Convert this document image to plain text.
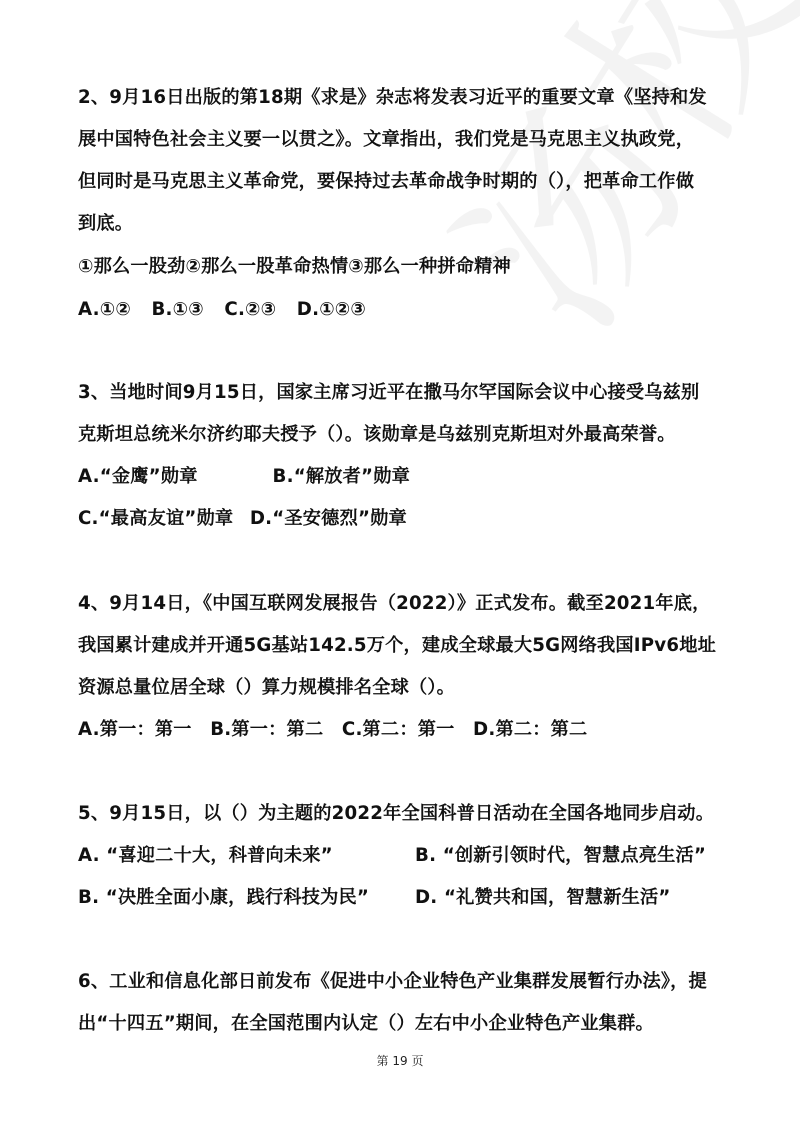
2、9月16日出版的第18期《求是》杂志将发表习近平的重要文章《坚持和发
展中国特色社会主义要一以贯之》。文章指出，我们党是马克思主义执政党，
但同时是马克思主义革命党，要保持过去革命战争时期的（），把革命工作做
到底。
①那么一股劲②那么一股革命热情③那么一种拼命精神
A.①② B.①③ C.②③ D.①②③
3、当地时间9月15日，国家主席习近平在撒马尔罕国际会议中心接受乌兹别
克斯坦总统米尔济约耶夫授予（）。该勋章是乌兹别克斯坦对外最高荣誉。
A.“金鹰”勋章	B.“解放者”勋章
C.“最高友谊”勋章 D.“圣安德烈”勋章
4、9月14日，《中国互联网发展报告（2022）》正式发布。截至2021年底，
我国累计建成并开通5G基站142.5万个，建成全球最大5G网络我国IPv6地址
资源总量位居全球（）算力规模排名全球（）。
A.第一：第一 B.第一：第二 C.第二：第一 D.第二：第二
5、9月15日，以（）为主题的2022年全国科普日活动在全国各地同步启动。
A. “喜迎二十大，科普向未来”	B. “创新引领时代，智慧点亮生活”
B. “决胜全面小康，践行科技为民”	D. “礼赞共和国，智慧新生活”
6、工业和信息化部日前发布《促进中小企业特色产业集群发展暂行办法》，提
出“十四五”期间，在全国范围内认定（）左右中小企业特色产业集群。
第 19 页
